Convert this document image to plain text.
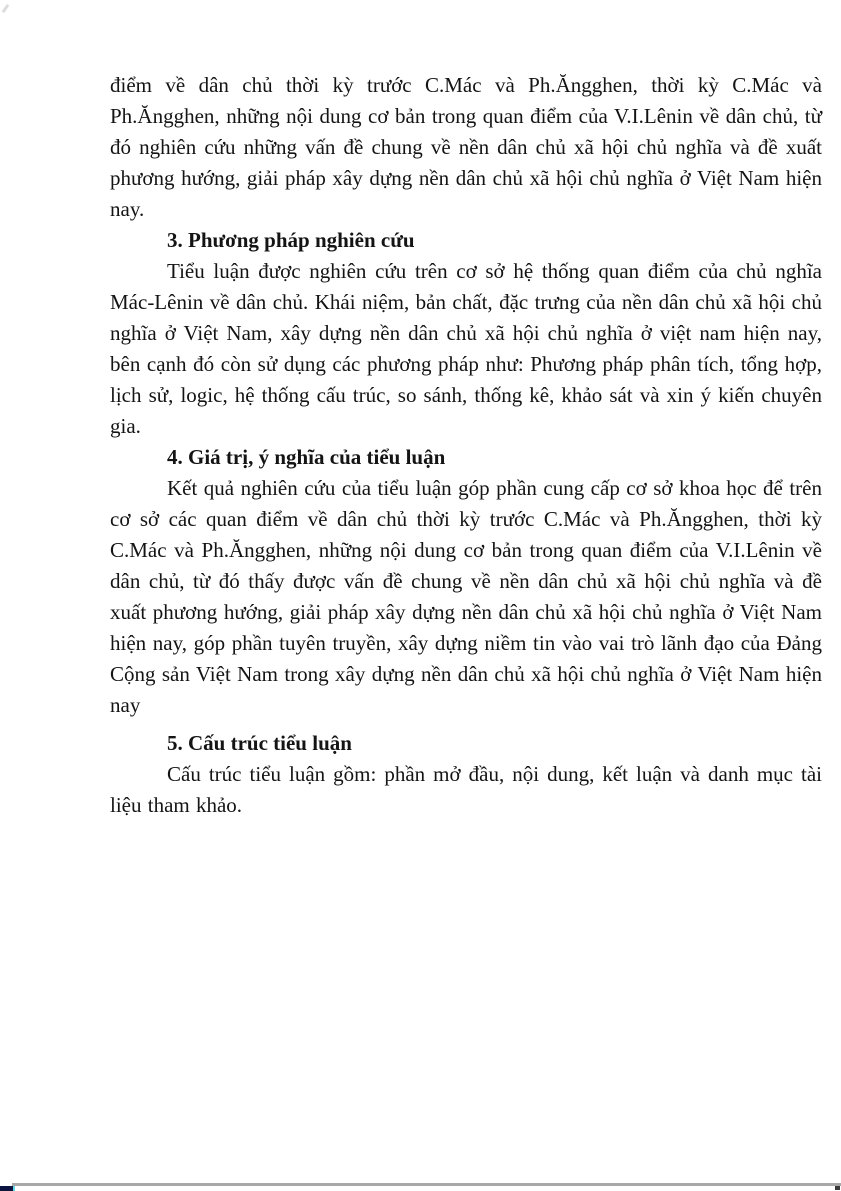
điểm về dân chủ thời kỳ trước C.Mác và Ph.Ăngghen, thời kỳ C.Mác và Ph.Ăngghen, những nội dung cơ bản trong quan điểm của V.I.Lênin về dân chủ, từ đó nghiên cứu những vấn đề chung về nền dân chủ xã hội chủ nghĩa và đề xuất phương hướng, giải pháp xây dựng nền dân chủ xã hội chủ nghĩa ở Việt Nam hiện nay.

3. Phương pháp nghiên cứu

Tiểu luận được nghiên cứu trên cơ sở hệ thống quan điểm của chủ nghĩa Mác-Lênin về dân chủ. Khái niệm, bản chất, đặc trưng của nền dân chủ xã hội chủ nghĩa ở Việt Nam, xây dựng nền dân chủ xã hội chủ nghĩa ở việt nam hiện nay, bên cạnh đó còn sử dụng các phương pháp như: Phương pháp phân tích, tổng hợp, lịch sử, logic, hệ thống cấu trúc, so sánh, thống kê, khảo sát và xin ý kiến chuyên gia.

4. Giá trị, ý nghĩa của tiểu luận

Kết quả nghiên cứu của tiểu luận góp phần cung cấp cơ sở khoa học để trên cơ sở các quan điểm về dân chủ thời kỳ trước C.Mác và Ph.Ăngghen, thời kỳ C.Mác và Ph.Ăngghen, những nội dung cơ bản trong quan điểm của V.I.Lênin về dân chủ, từ đó thấy được vấn đề chung về nền dân chủ xã hội chủ nghĩa và đề xuất phương hướng, giải pháp xây dựng nền dân chủ xã hội chủ nghĩa ở Việt Nam hiện nay, góp phần tuyên truyền, xây dựng niềm tin vào vai trò lãnh đạo của Đảng Cộng sản Việt Nam trong xây dựng nền dân chủ xã hội chủ nghĩa ở Việt Nam hiện nay

5. Cấu trúc tiểu luận

Cấu trúc tiểu luận gồm: phần mở đầu, nội dung, kết luận và danh mục tài liệu tham khảo.
